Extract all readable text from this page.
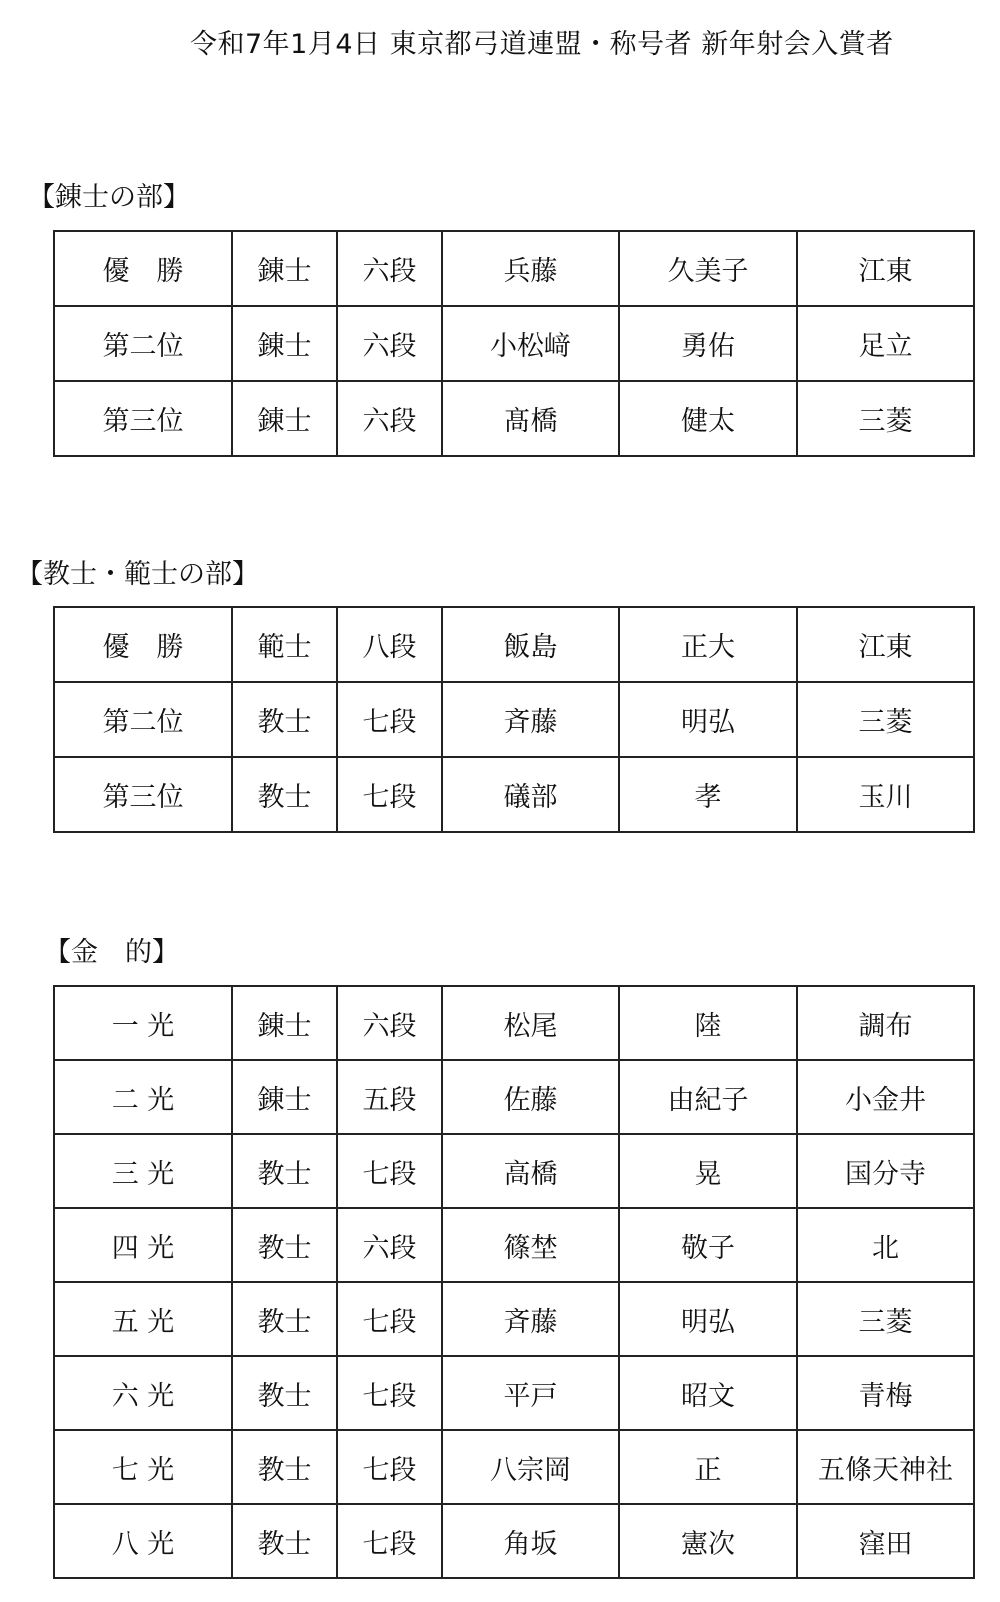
令和7年1月4日 東京都弓道連盟・称号者 新年射会入賞者
【錬士の部】
優　勝	錬士	六段	兵藤	久美子	江東
第二位	錬士	六段	小松﨑	勇佑	足立
第三位	錬士	六段	髙橋	健太	三菱
【教士・範士の部】
優　勝	範士	八段	飯島	正大	江東
第二位	教士	七段	斉藤	明弘	三菱
第三位	教士	七段	礒部	孝	玉川
【金　的】
一 光	錬士	六段	松尾	陸	調布
二 光	錬士	五段	佐藤	由紀子	小金井
三 光	教士	七段	高橋	晃	国分寺
四 光	教士	六段	篠埜	敬子	北
五 光	教士	七段	斉藤	明弘	三菱
六 光	教士	七段	平戸	昭文	青梅
七 光	教士	七段	八宗岡	正	五條天神社
八 光	教士	七段	角坂	憲次	窪田
